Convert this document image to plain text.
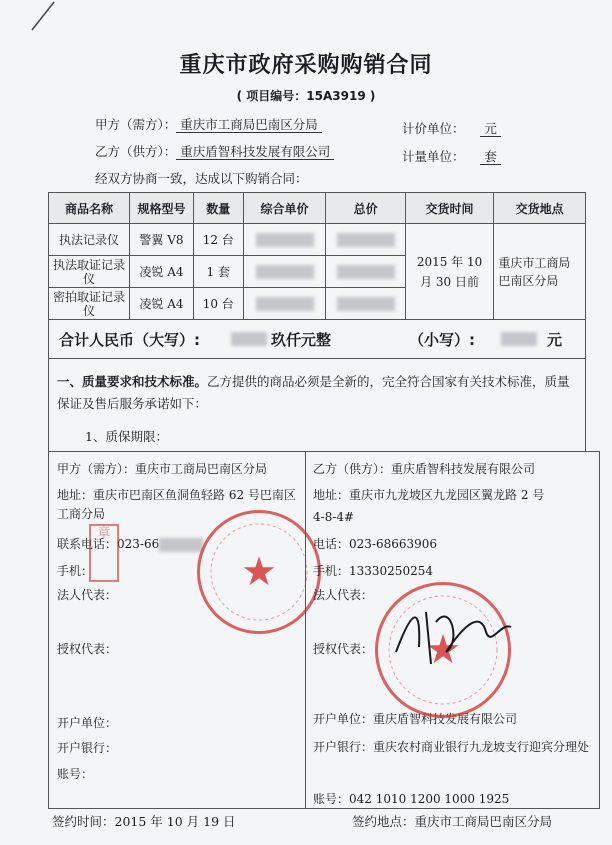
重庆市政府采购购销合同
( 项目编号：15A3919 )
甲方（需方）： 重庆市工商局巴南区分局	计价单位： 元
乙方（供方）： 重庆盾智科技发展有限公司	计量单位： 套
经双方协商一致，达成以下购销合同：
商品名称	规格型号	数量	综合单价	总价	交货时间	交货地点
执法记录仪	警翼 V8	12 台			2015 年 10 月 30 日前	重庆市工商局巴南区分局
执法取证记录仪	凌锐 A4	1 套				
密拍取证记录仪	凌锐 A4	10 台				
合计人民币（大写）:	玖仟元整	（小写）:	元
一、质量要求和技术标准。乙方提供的商品必须是全新的，完全符合国家有关技术标准，质量保证及售后服务承诺如下：
1、质保期限：
甲方（需方）：重庆市工商局巴南区分局
地址：重庆市巴南区鱼洞鱼轻路 62 号巴南区工商分局
联系电话：023-66
手机：
法人代表：
授权代表：
开户单位：
开户银行：
账号：
★
章
乙方（供方）：重庆盾智科技发展有限公司
地址：重庆市九龙坡区九龙园区翼龙路 2 号
4-8-4#
电话：023-68663906
手机：13330250254
法人代表：
授权代表：
开户单位：重庆盾智科技发展有限公司
开户银行：重庆农村商业银行九龙坡支行迎宾分理处
账号：042 1010 1200 1000 1925
★
签约时间：2015 年 10 月 19 日	签约地点：重庆市工商局巴南区分局
